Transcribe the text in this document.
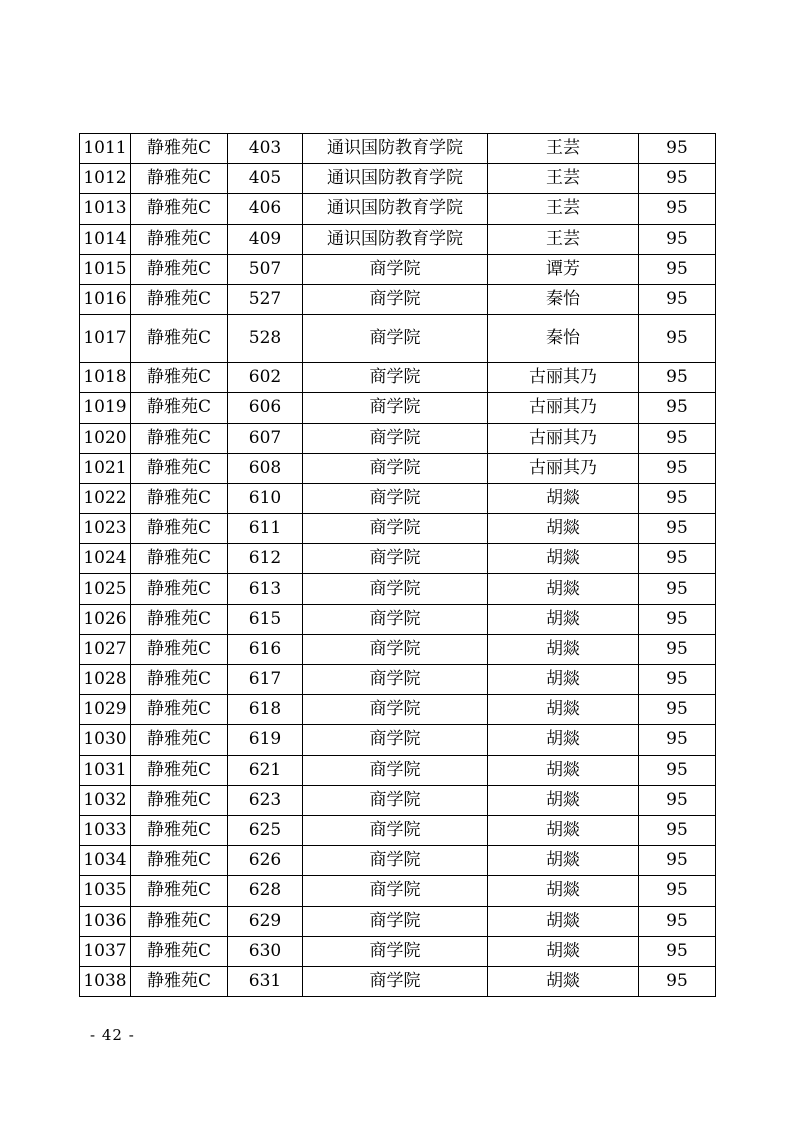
1011	静雅苑C	403	通识国防教育学院	王芸	95
1012	静雅苑C	405	通识国防教育学院	王芸	95
1013	静雅苑C	406	通识国防教育学院	王芸	95
1014	静雅苑C	409	通识国防教育学院	王芸	95
1015	静雅苑C	507	商学院	谭芳	95
1016	静雅苑C	527	商学院	秦怡	95
1017	静雅苑C	528	商学院	秦怡	95
1018	静雅苑C	602	商学院	古丽其乃	95
1019	静雅苑C	606	商学院	古丽其乃	95
1020	静雅苑C	607	商学院	古丽其乃	95
1021	静雅苑C	608	商学院	古丽其乃	95
1022	静雅苑C	610	商学院	胡燚	95
1023	静雅苑C	611	商学院	胡燚	95
1024	静雅苑C	612	商学院	胡燚	95
1025	静雅苑C	613	商学院	胡燚	95
1026	静雅苑C	615	商学院	胡燚	95
1027	静雅苑C	616	商学院	胡燚	95
1028	静雅苑C	617	商学院	胡燚	95
1029	静雅苑C	618	商学院	胡燚	95
1030	静雅苑C	619	商学院	胡燚	95
1031	静雅苑C	621	商学院	胡燚	95
1032	静雅苑C	623	商学院	胡燚	95
1033	静雅苑C	625	商学院	胡燚	95
1034	静雅苑C	626	商学院	胡燚	95
1035	静雅苑C	628	商学院	胡燚	95
1036	静雅苑C	629	商学院	胡燚	95
1037	静雅苑C	630	商学院	胡燚	95
1038	静雅苑C	631	商学院	胡燚	95
- 42 -
